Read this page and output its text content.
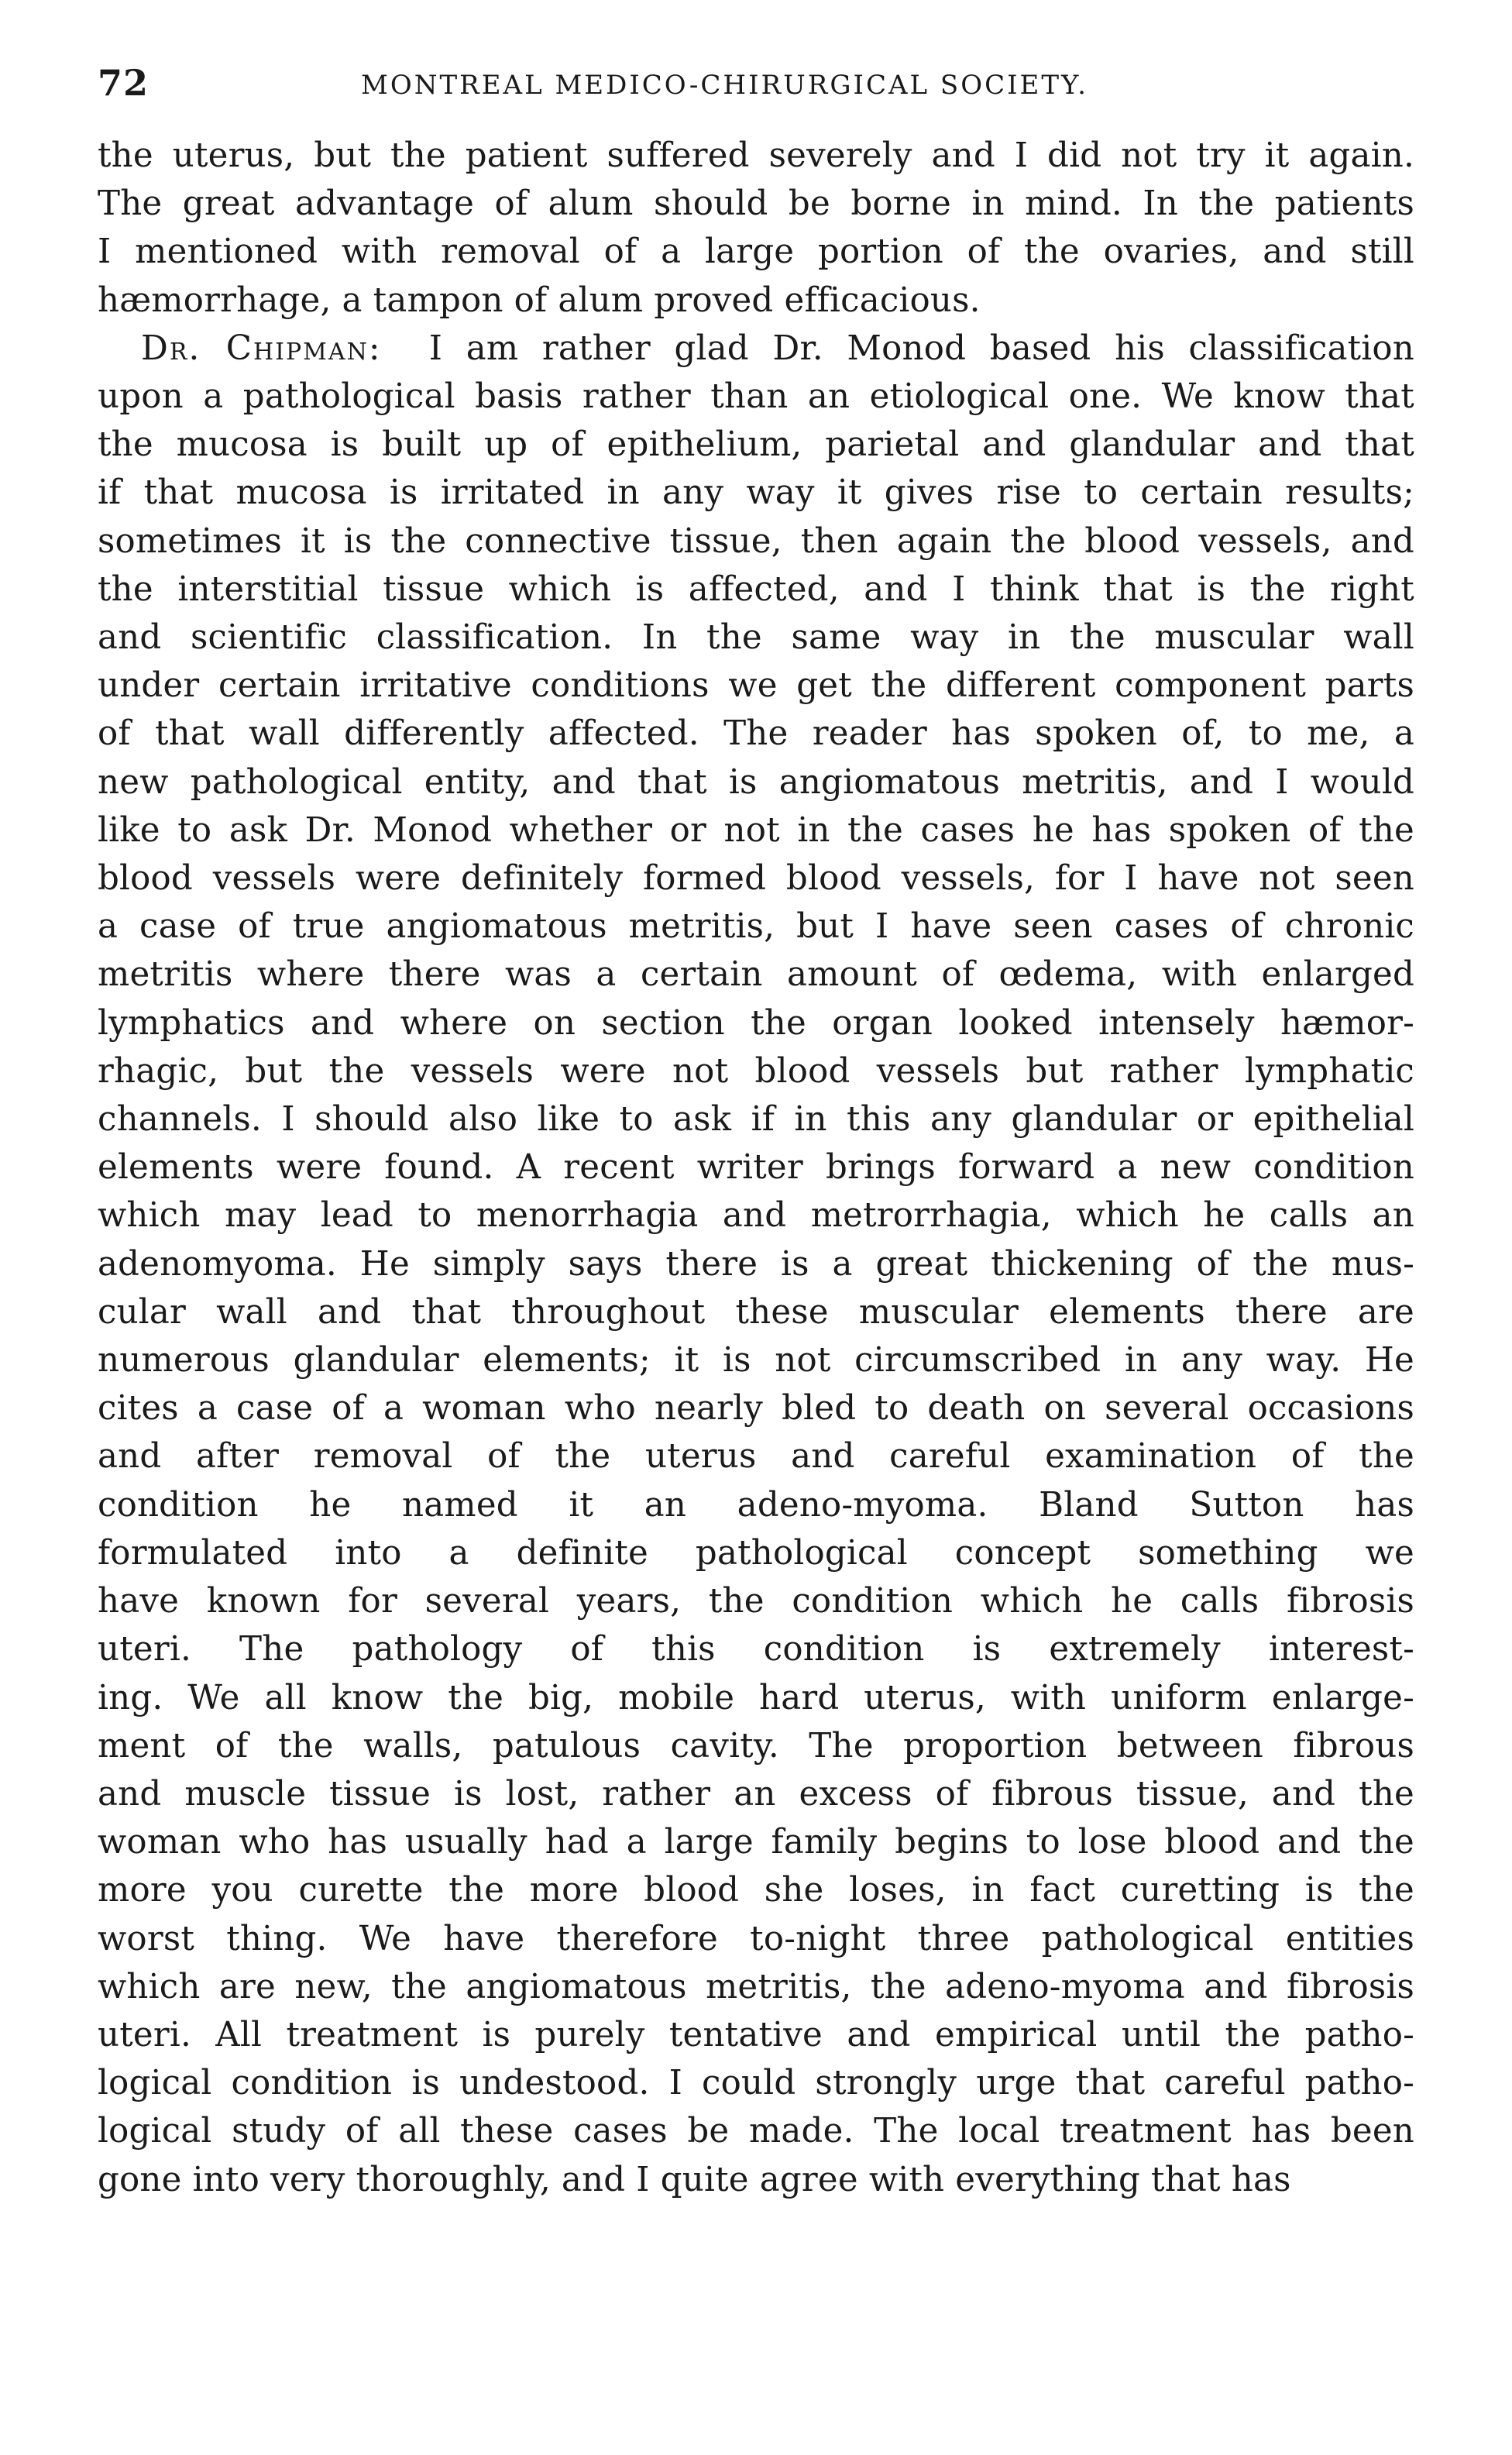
72	MONTREAL MEDICO-CHIRURGICAL SOCIETY.
the uterus, but the patient suffered severely and I did not try it again.
The great advantage of alum should be borne in mind. In the patients
I mentioned with removal of a large portion of the ovaries, and still
hæmorrhage, a tampon of alum proved efficacious.
Dr. Chipman: I am rather glad Dr. Monod based his classification
upon a pathological basis rather than an etiological one. We know that
the mucosa is built up of epithelium, parietal and glandular and that
if that mucosa is irritated in any way it gives rise to certain results;
sometimes it is the connective tissue, then again the blood vessels, and
the interstitial tissue which is affected, and I think that is the right
and scientific classification. In the same way in the muscular wall
under certain irritative conditions we get the different component parts
of that wall differently affected. The reader has spoken of, to me, a
new pathological entity, and that is angiomatous metritis, and I would
like to ask Dr. Monod whether or not in the cases he has spoken of the
blood vessels were definitely formed blood vessels, for I have not seen
a case of true angiomatous metritis, but I have seen cases of chronic
metritis where there was a certain amount of œdema, with enlarged
lymphatics and where on section the organ looked intensely hæmor-
rhagic, but the vessels were not blood vessels but rather lymphatic
channels. I should also like to ask if in this any glandular or epithelial
elements were found. A recent writer brings forward a new condition
which may lead to menorrhagia and metrorrhagia, which he calls an
adenomyoma. He simply says there is a great thickening of the mus-
cular wall and that throughout these muscular elements there are
numerous glandular elements; it is not circumscribed in any way. He
cites a case of a woman who nearly bled to death on several occasions
and after removal of the uterus and careful examination of the
condition he named it an adeno-myoma. Bland Sutton has
formulated into a definite pathological concept something we
have known for several years, the condition which he calls fibrosis
uteri. The pathology of this condition is extremely interest-
ing. We all know the big, mobile hard uterus, with uniform enlarge-
ment of the walls, patulous cavity. The proportion between fibrous
and muscle tissue is lost, rather an excess of fibrous tissue, and the
woman who has usually had a large family begins to lose blood and the
more you curette the more blood she loses, in fact curetting is the
worst thing. We have therefore to-night three pathological entities
which are new, the angiomatous metritis, the adeno-myoma and fibrosis
uteri. All treatment is purely tentative and empirical until the patho-
logical condition is undestood. I could strongly urge that careful patho-
logical study of all these cases be made. The local treatment has been
gone into very thoroughly, and I quite agree with everything that has
